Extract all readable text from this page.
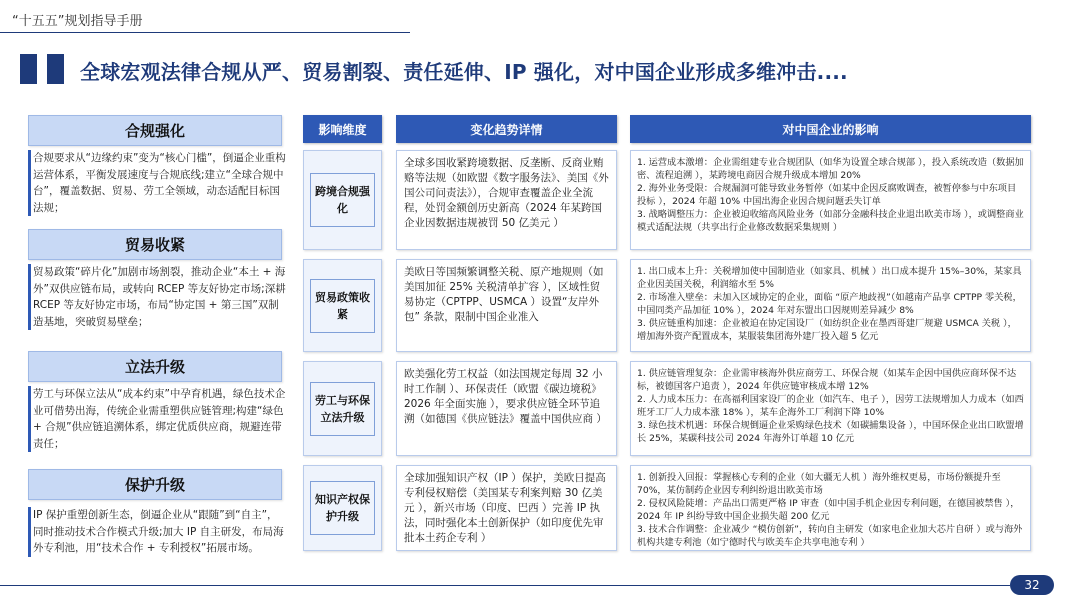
“十五五”规划指导手册
全球宏观法律合规从严、贸易割裂、责任延伸、IP 强化，对中国企业形成多维冲击....
合规强化
合规要求从“边缘约束”变为“核心门槛”，倒逼企业重构运营体系，平衡发展速度与合规底线;建立“全球合规中台”，覆盖数据、贸易、劳工全领域，动态适配目标国法规；
贸易收紧
贸易政策“碎片化”加剧市场割裂，推动企业“本土 + 海外”双供应链布局，或转向 RCEP 等友好协定市场;深耕 RCEP 等友好协定市场，布局“协定国 + 第三国”双制造基地，突破贸易壁垒；
立法升级
劳工与环保立法从“成本约束”中孕育机遇，绿色技术企业可借势出海，传统企业需重塑供应链管理;构建“绿色 + 合规”供应链追溯体系，绑定优质供应商，规避连带责任；
保护升级
IP 保护重塑创新生态，倒逼企业从“跟随”到“自主”，同时推动技术合作模式升级;加大 IP 自主研发，布局海外专利池，用“技术合作 + 专利授权”拓展市场。
影响维度	变化趋势详情	对中国企业的影响
跨境合规强化
全球多国收紧跨境数据、反垄断、反商业贿赂等法规（如欧盟《数字服务法》、美国《外国公司问责法》），合规审查覆盖企业全流程，处罚金额创历史新高（2024 年某跨国企业因数据违规被罚 50 亿美元 ）

1. 运营成本激增：企业需组建专业合规团队（如华为设置全球合规部 ），投入系统改造（数据加密、流程追溯 ），某跨境电商因合规升级成本增加 20%

2. 海外业务受限：合规漏洞可能导致业务暂停（如某中企因反腐败调查，被暂停参与中东项目投标 ），2024 年超 10% 中国出海企业因合规问题丢失订单

3. 战略调整压力：企业被迫收缩高风险业务（如部分金融科技企业退出欧美市场 ），或调整商业模式适配法规（共享出行企业修改数据采集规则 ）

贸易政策收紧
美欧日等国频繁调整关税、原产地规则（如美国加征 25% 关税清单扩容 ），区域性贸易协定（CPTPP、USMCA ）设置“友岸外包” 条款，限制中国企业准入

1. 出口成本上升：关税增加使中国制造业（如家具、机械 ）出口成本提升 15%–30%，某家具企业因美国关税，利润缩水至 5%

2. 市场准入壁垒：未加入区域协定的企业，面临 “原产地歧视”（如越南产品享 CPTPP 零关税，中国同类产品加征 10% ），2024 年对东盟出口因规则差异减少 8%

3. 供应链重构加速：企业被迫在协定国设厂（如纺织企业在墨西哥建厂规避 USMCA 关税 ），增加海外资产配置成本，某服装集团海外建厂投入超 5 亿元

劳工与环保立法升级
欧美强化劳工权益（如法国规定每周 32 小时工作制 ）、环保责任（欧盟《碳边境税》2026 年全面实施 ），要求供应链全环节追溯（如德国《供应链法》覆盖中国供应商 ）

1. 供应链管理复杂：企业需审核海外供应商劳工、环保合规（如某车企因中国供应商环保不达标，被德国客户追责 ），2024 年供应链审核成本增 12%

2. 人力成本压力：在高福利国家设厂的企业（如汽车、电子 ），因劳工法规增加人力成本（如西班牙工厂人力成本涨 18% ），某车企海外工厂利润下降 10%

3. 绿色技术机遇：环保合规倒逼企业采购绿色技术（如碳捕集设备 ），中国环保企业出口欧盟增长 25%，某碳科技公司 2024 年海外订单超 10 亿元

知识产权保护升级
全球加强知识产权（IP ）保护，美欧日提高专利侵权赔偿（美国某专利案判赔 30 亿美元 ），新兴市场（印度、巴西 ）完善 IP 执法，同时强化本土创新保护（如印度优先审批本土药企专利 ）

1. 创新投入回报：掌握核心专利的企业（如大疆无人机 ）海外维权更易，市场份额提升至 70%，某仿制药企业因专利纠纷退出欧美市场

2. 侵权风险陡增：产品出口需更严格 IP 审查（如中国手机企业因专利问题，在德国被禁售 ），2024 年 IP 纠纷导致中国企业损失超 200 亿元

3. 技术合作调整：企业减少 “模仿创新”，转向自主研发（如家电企业加大芯片自研 ）或与海外机构共建专利池（如宁德时代与欧美车企共享电池专利 ）

32
